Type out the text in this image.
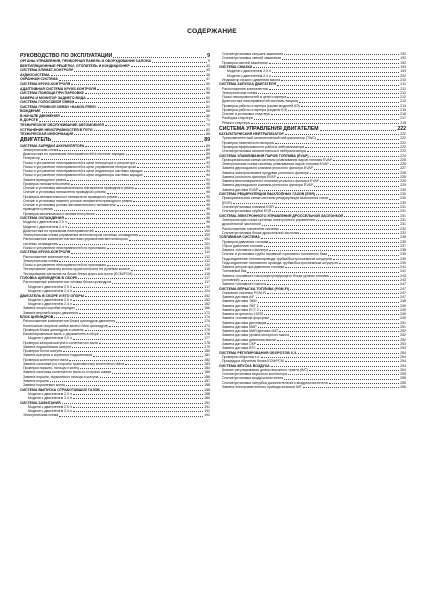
СОДЕРЖАНИЕ
РУКОВОДСТВО ПО ЭКСПЛУАТАЦИИ	9
ОРГАНЫ УПРАВЛЕНИЯ, ПРИБОРНАЯ ПАНЕЛЬ И ОБОРУДОВАНИЕ САЛОНА	9
ВЕНТИЛЯЦИОННЫЕ РЕШЕТКИ, ОТОПИТЕЛЬ И КОНДИЦИОНЕР	42
СИСТЕМА КЛИМАТ-КОНТРОЛЯ	43
АУДИОСИСТЕМА	46
ОХРАННАЯ СИСТЕМА	47
СИСТЕМА КРУИЗ-КОНТРОЛЯ	50
АДАПТИВНАЯ СИСТЕМА КРУИЗ-КОНТРОЛЯ	53
СИСТЕМА ПОМОЩИ ПРИ ПАРКОВКЕ	56
КАМЕРА И МОНИТОР ЗАДНЕГО ВИДА	60
СИСТЕМА ГОЛОСОВОЙ СВЯЗИ	61
СИСТЕМА ГРОМКОЙ СВЯЗИ «HANDS-FREE»	62
ВОЖДЕНИЕ	66
В НАЧАЛЕ ДВИЖЕНИЯ	66
В ДОРОГЕ	71
ТЕХНИЧЕСКОЕ ОБСЛУЖИВАНИЕ АВТОМОБИЛЯ	73
УСТРАНЕНИЕ НЕИСПРАВНОСТЕЙ В ПУТИ	82
ТЕХНИЧЕСКАЯ ИНФОРМАЦИЯ	88
ДВИГАТЕЛЬ	89
СИСТЕМА ЗАРЯДКИ АККУМУЛЯТОРА	89
Электрическая схема	89
Диагностика по признакам неисправностей в системе зарядки	89
Генератор	89
Поиск и устранение неисправностей в цепи генератора и регулятора	93
Поиск и устранение неисправностей в цепи управления генератором	93
Поиск и устранение неисправностей в цепи индикатора системы зарядки	94
Поиск и устранение неисправностей в цепи индикатора системы зарядки	94
Замена приводного ремня	94
Проверка натяжителя ремня	95
Снятие и установка автоматического натяжителя приводного ремня	95
Снятие и установка натяжителя приводного ремня	95
Проверка автоматического натяжителя приводного ремня	95
Снятие и установка нижнего ролика натяжителя приводного ремня	95
Снятие и установка ролика автоматического натяжителя	95
приводного ремня	95
Проверка механического натяжителя ремня	95
СИСТЕМА ОХЛАЖДЕНИЯ	96
Модели с двигателем 2,0 л	96
Модели с двигателем 2,4 л	98
Диагностика по признакам неисправностей	100
Электрическая схема управления вентилятором системы охлаждения	100
Расположение компонентов системы управления вентилятором	101
системы охлаждения	101
Поиск и устранение неисправностей по признакам	104
СИСТЕМА КРУИЗ-КОНТРОЛЯ	112
Расположение компонентов	112
Электрическая схема	112
Поиск и устранение неисправностей по признакам	114
Тестирование (замена) кнопок круиз-контроля на рулевом колесе	115
Тестирование сигналов на блоке блока круиз-контроля (ECM/PCM)	116
ГОЛОВКА ЦИЛИНДРОВ В СБОРЕ	117
Расположение компонентов головки блока цилиндров	117
Модели с двигателем 2,0 л	117
Модели с двигателем 2,4 л	124
ДВИГАТЕЛЬ В СБОРЕ И ЕГО ОПОРЫ	152
Модели с двигателем 2,0 л	152
Модели с двигателем 2,4 л	162
Замена опоры коробки передач	166
Замена верхней опоры двигателя	172
БЛОК ЦИЛИНДРОВ	174
Расположение компонентов блока цилиндров двигателя	174
Коленчатые опорные шейки вала и блок цилиндров	174
Проверка блока цилиндров и ремень	175
Балансировочные валы с держателем в сборе	176
Модели с двигателем 2,0 л	177
Проверка зазоров шатуна и коленчатого вала	178
Замена подшипников шатуна	179
Проверка болта шатуна	180
Замена шатунов и коренных подшипников	181
Проверка коленчатого вала	182
Замена сальника (со стороны трансмиссии) коленчатого вала	183
Проверка поршня, пальца и колец	184
Замена сальника коленчатого вала со стороны шкива	185
Замена поршня, поршневого пальца и шатуна	186
Замена поршня	187
Замена поршневых колец	188
СИСТЕМА ВЫПУСКА ОТРАБОТАВШИХ ГАЗОВ	188
Модели с двигателем 2,0 л	188
Модели с двигателем 2,4 л	189
СИСТЕМА ЗАЖИГАНИЯ	191
Модели с двигателем 2,0 л	191
Модели с двигателем 2,4 л	191
Электрическая схема	192
Снятие/установка катушек зажигания	192
Снятие/установка свечей зажигания	192
Проверка свечей зажигания	192
СИСТЕМА СМАЗКИ	193
Модели с двигателем 2,0 л	193
Модели с двигателем 2,4 л	202
Индикатор низкого давления масла	210
СИСТЕМА ЗАПУСКА ДВИГАТЕЛЯ	211
Расположение компонентов	211
Электрическая схема	212
Поиск неисправностей в цепи стартера	212
Диагностика неисправностей системы запуска	213
Проверка работы стартера (кроме моделей КЭ)	214
Проверка работы стартера (модели КЭ)	215
Снятие и установка стартера	216
Разборка стартера	217
Ремонт стартера	218
СИСТЕМА УПРАВЛЕНИЯ ДВИГАТЕЛЕМ	222
КАТАЛИТИЧЕСКИЙ НЕЙТРАЛИЗАТОР	222
Трехкомпонентный каталитический нейтрализатор (TWC)	222
Проверка тяжелености выпуска	222
Проверка эффективности работы нейтрализатора	222
Снятие/установка каталитического нейтрализатора	223
СИСТЕМА УЛАВЛИВАНИЯ ПАРОВ ТОПЛИВА (EVAP)	224
Принципиальная схема системы улавливания паров топлива EVAP	225
Электрическая схема системы улавливания паров топлива EVAP	226
Замена двухходового клапана угольного фильтра EVAP	227
Замена электроклапана продувки угольного фильтра	228
Замена угольного фильтра EVAP	228
Замена вентиляционного клапана угольного фильтра EVAP	229
Замена двухходового клапана угольного фильтра EVAP	229
Замена датчика EVAP	230
СИСТЕМА РЕЦИРКУЛЯЦИИ ВЫХЛОПНЫХ ГАЗОВ (EGR)	230
Принципиальная схема системы рециркуляции выхлопных газов	230
(EGR)	230
Снятие/установка клапана EGR	231
Снятие/установка трубки EGR	231
СИСТЕМА ЭЛЕКТРОННОГО УПРАВЛЕНИЯ ДРОССЕЛЬНОЙ ЗАСЛОНКОЙ	231
Электрическая схема системы электронного управления	231
дроссельной заслонкой	231
Расположение элементов системы	232
Снятие/установка блока дроссельной заслонки	232
ТОПЛИВНАЯ СИСТЕМА	235
Проверка давления топлива	235
Сброс давления топлива	237
Замена топливного фильтра	238
Снятие и установка трубы наливной горловины топливного бака	239
Подсоединение топливопровода трубки/быстросъемным штуцером	239
Подсоединение топливного провода трубки/быстросъемным штуцером	240
Замена регулятора давления топлива	241
Топливный бак	241
Замена топливного насоса/регулирующего блока уровня топлива	243
(основной)	243
Замена топливного насоса	247
СИСТЕМА ВПРЫСКА ТОПЛИВА (PGM-FI)	247
Описание системы PGM-FI	247
Замена датчика A/F	247
Замена датчика ЭКМ	248
Замена датчика ЭКТ 1	249
Замена датчика ЕСТ 2	249
Замена вторичного НО25	249
Замена топливной форсунки	249
Замена датчика детонации	251
Замена датчика МАР	251
Замена датчика МАР/датчика ИАТ	252
Замена датчика уровня моторного масла	252
Замена датчика давления масла	252
Замена датчика СКР	253
Замена датчика ВТС	253
СИСТЕМА РЕГУЛИРОВАНИЯ ОБОРОТОВ Х.Х.	254
Проверка оборотов х.х.	254
Процедура обучения блока ЕСМ/РСМ	254
СИСТЕМА ВПУСКА ВОЗДУХА	254
Клапан регулирования длины впускного тракта (IMT)	254
Снятие/установка впускного коллектора	255
Снятие/установка воздухоочистителя	255
Снятие/установка патрубка дополнительного воздухоочистителя	255
Замена электромагнитного привода клапана IMT	256
